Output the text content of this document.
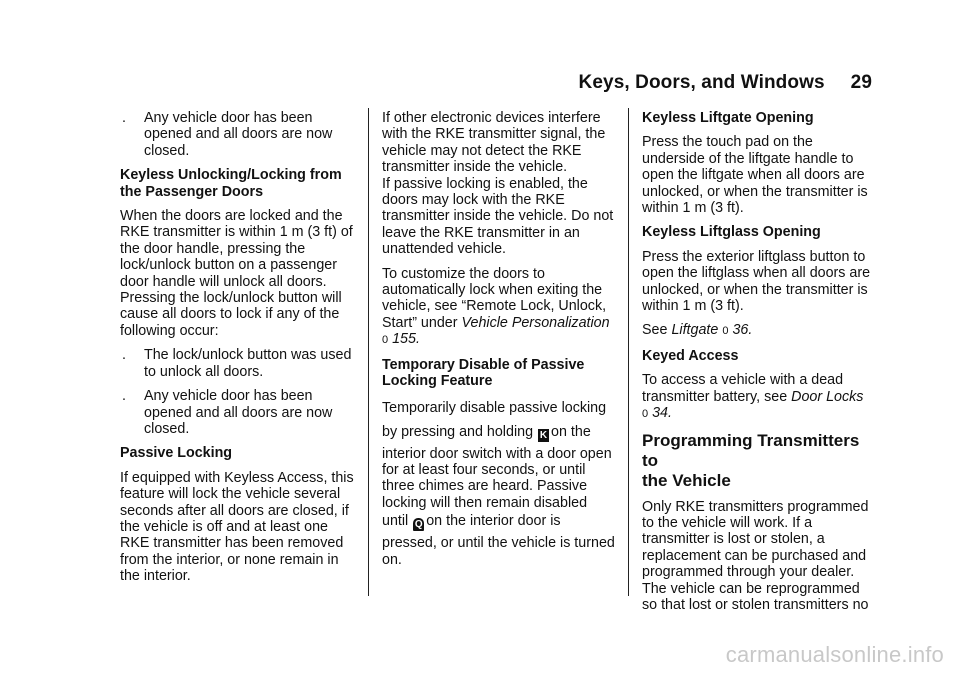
Keys, Doors, and Windows 29
. Any vehicle door has been opened and all doors are now closed.
Keyless Unlocking/Locking from
the Passenger Doors

When the doors are locked and the RKE transmitter is within 1 m (3 ft) of the door handle, pressing the lock/unlock button on a passenger door handle will unlock all doors. Pressing the lock/unlock button will cause all doors to lock if any of the following occur:

. The lock/unlock button was used to unlock all doors.
. Any vehicle door has been opened and all doors are now closed.
Passive Locking

If equipped with Keyless Access, this feature will lock the vehicle several seconds after all doors are closed, if the vehicle is off and at least one RKE transmitter has been removed from the interior, or none remain in the interior.

If other electronic devices interfere with the RKE transmitter signal, the vehicle may not detect the RKE transmitter inside the vehicle.

If passive locking is enabled, the doors may lock with the RKE transmitter inside the vehicle. Do not leave the RKE transmitter in an unattended vehicle.

To customize the doors to automatically lock when exiting the vehicle, see “Remote Lock, Unlock, Start” under Vehicle Personalization
0 155.

Temporary Disable of Passive
Locking Feature

Temporarily disable passive locking

by pressing and holding K on the

interior door switch with a door open for at least four seconds, or until three chimes are heard. Passive locking will then remain disabled

until Q on the interior door is

pressed, or until the vehicle is turned on.

Keyless Liftgate Opening

Press the touch pad on the underside of the liftgate handle to open the liftgate when all doors are unlocked, or when the transmitter is within 1 m (3 ft).

Keyless Liftglass Opening

Press the exterior liftglass button to open the liftglass when all doors are unlocked, or when the transmitter is within 1 m (3 ft).

See Liftgate 0 36.

Keyed Access

To access a vehicle with a dead transmitter battery, see Door Locks
0 34.

Programming Transmitters to
the Vehicle

Only RKE transmitters programmed to the vehicle will work. If a transmitter is lost or stolen, a replacement can be purchased and programmed through your dealer. The vehicle can be reprogrammed so that lost or stolen transmitters no

carmanualsonline.info
